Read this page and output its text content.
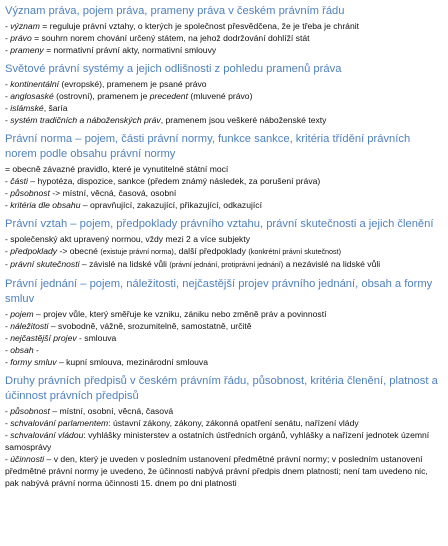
Význam práva, pojem práva, prameny práva v českém právním řádu
- význam = reguluje právní vztahy, o kterých je společnost přesvědčena, že je třeba je chránit
- právo = souhrn norem chování určený státem, na jehož dodržování dohlíží stát
- prameny = normativní právní akty, normativní smlouvy
Světové právní systémy a jejich odlišnosti z pohledu pramenů práva
- kontinentální (evropské), pramenem je psané právo
- anglosaské (ostrovní), pramenem je precedent (mluvené právo)
- islámské, šaría
- systém tradičních a náboženských práv, pramenem jsou veškeré náboženské texty
Právní norma – pojem, části právní normy, funkce sankce, kritéria třídění právních norem podle obsahu právní normy
= obecně závazné pravidlo, které je vynutitelné státní mocí
- části – hypotéza, dispozice, sankce (předem známý následek, za porušení práva)
- působnost -> místní, věcná, časová, osobní
- kritéria dle obsahu – opravňující, zakazující, přikazující, odkazující
Právní vztah – pojem, předpoklady právního vztahu, právní skutečnosti a jejich členění
- společenský akt upravený normou, vždy mezi 2 a více subjekty
- předpoklady -> obecné (existuje právní norma), další předpoklady (konkrétní právní skutečnost)
- právní skutečnosti – závislé na lidské vůli (právní jednání, protiprávní jednání) a nezávislé na lidské vůli
Právní jednání – pojem, náležitosti, nejčastější projev právního jednání, obsah a formy smluv
- pojem – projev vůle, který směřuje ke vzniku, zániku nebo změně práv a povinností
- náležitosti – svobodně, vážně, srozumitelně, samostatně, určitě
- nejčastější projev - smlouva
- obsah -
- formy smluv – kupní smlouva, mezinárodní smlouva
Druhy právních předpisů v českém právním řádu, působnost, kritéria členění, platnost a účinnost právních předpisů
- působnost – místní, osobní, věcná, časová
- schvalování parlamentem: ústavní zákony, zákony, zákonná opatření senátu, nařízení vlády
- schvalování vládou: vyhlášky ministerstev a ostatních ústředních orgánů, vyhlášky a nařízení jednotek územní samosprávy
- účinnosti – v den, který je uveden v posledním ustanovení předmětné právní normy; v posledním ustanovení předmětné právní normy je uvedeno, že účinnosti nabývá právní předpis dnem platnosti; není tam uvedeno nic, pak nabývá právní norma účinnosti 15. dnem po dni platnosti
